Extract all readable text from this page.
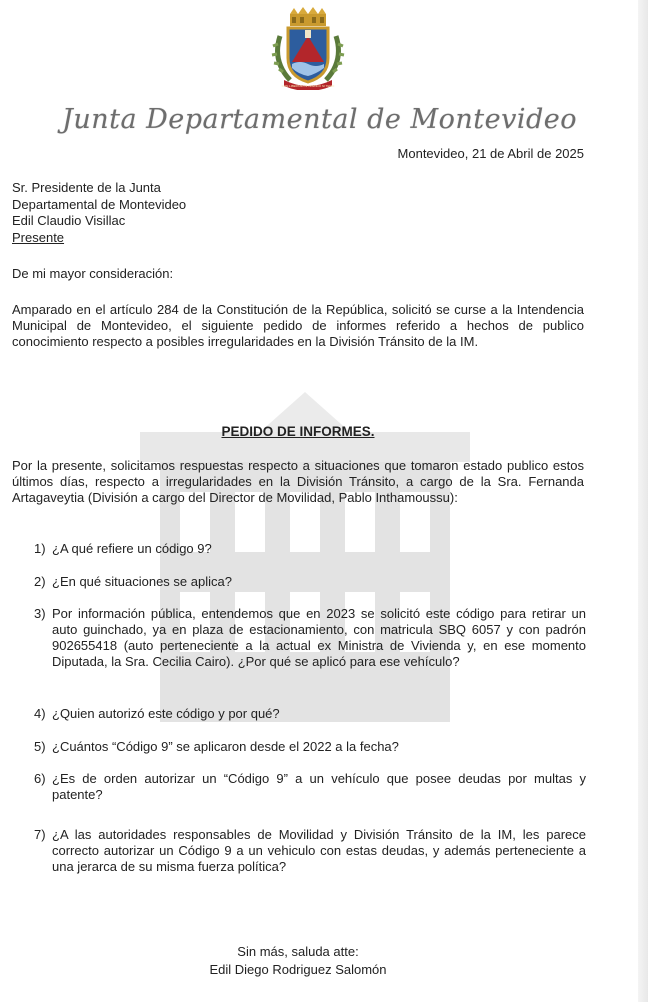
CON LIBERTAD NI OFENDO NI TEMO
Junta Departamental de Montevideo
Montevideo, 21 de Abril de 2025
Sr. Presidente de la Junta
Departamental de Montevideo
Edil Claudio Visillac
Presente
De mi mayor consideración:
Amparado en el artículo 284 de la Constitución de la República, solicitó se curse a la Intendencia Municipal de Montevideo, el siguiente pedido de informes referido a hechos de publico conocimiento respecto a posibles irregularidades en la División Tránsito de la IM.
PEDIDO DE INFORMES.
Por la presente, solicitamos respuestas respecto a situaciones que tomaron estado publico estos últimos días, respecto a irregularidades en la División Tránsito, a cargo de la Sra. Fernanda Artagaveytia (División a cargo del Director de Movilidad, Pablo Inthamoussu):
1) ¿A qué refiere un código 9?
2) ¿En qué situaciones se aplica?
3) Por información pública, entendemos que en 2023 se solicitó este código para retirar un auto guinchado, ya en plaza de estacionamiento, con matricula SBQ 6057 y con padrón 902655418 (auto perteneciente a la actual ex Ministra de Vivienda y, en ese momento Diputada, la Sra. Cecilia Cairo). ¿Por qué se aplicó para ese vehículo?
4) ¿Quien autorizó este código y por qué?
5) ¿Cuántos “Código 9” se aplicaron desde el 2022 a la fecha?
6) ¿Es de orden autorizar un “Código 9” a un vehículo que posee deudas por multas y patente?
7) ¿A las autoridades responsables de Movilidad y División Tránsito de la IM, les parece correcto autorizar un Código 9 a un vehiculo con estas deudas, y además perteneciente a una jerarca de su misma fuerza política?
Sin más, saluda atte:
Edil Diego Rodriguez Salomón
